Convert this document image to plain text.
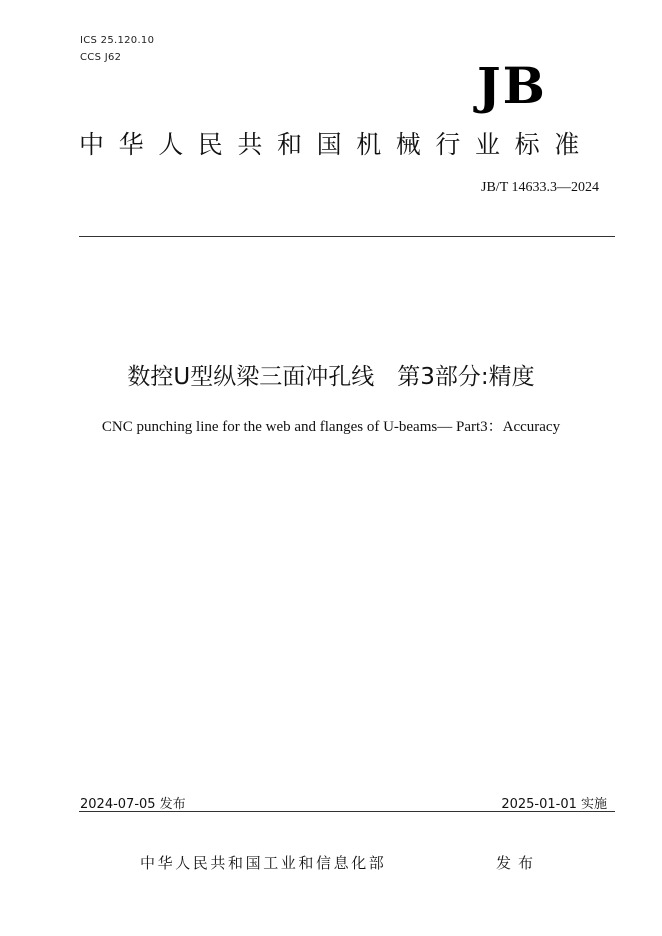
ICS 25.120.10
CCS J62	JB
中华人民共和国机械行业标准
JB/T 14633.3—2024
数控U型纵梁三面冲孔线　第3部分:精度
CNC punching line for the web and flanges of U-beams— Part3：Accuracy
2024-07-05 发布	2025-01-01 实施
中华人民共和国工业和信息化部	发布
